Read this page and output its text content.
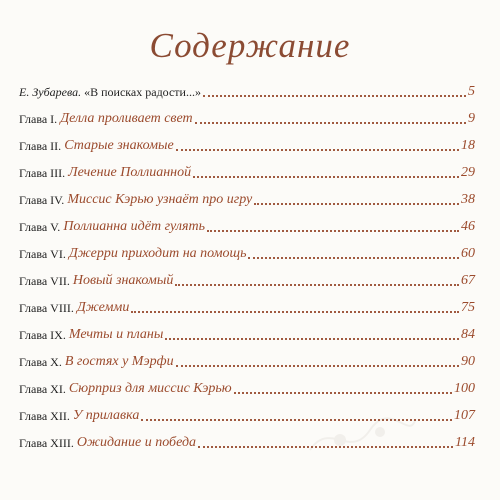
Содержание
Е. Зубарева. «В поисках радости...»	5
Глава I. Делла проливает свет	9
Глава II. Старые знакомые	18
Глава III. Лечение Поллианной	29
Глава IV. Миссис Кэрью узнаёт про игру	38
Глава V. Поллианна идёт гулять	46
Глава VI. Джерри приходит на помощь	60
Глава VII. Новый знакомый	67
Глава VIII. Джемми	75
Глава IX. Мечты и планы	84
Глава X. В гостях у Мэрфи	90
Глава XI. Сюрприз для миссис Кэрью	100
Глава XII. У прилавка	107
Глава XIII. Ожидание и победа	114
